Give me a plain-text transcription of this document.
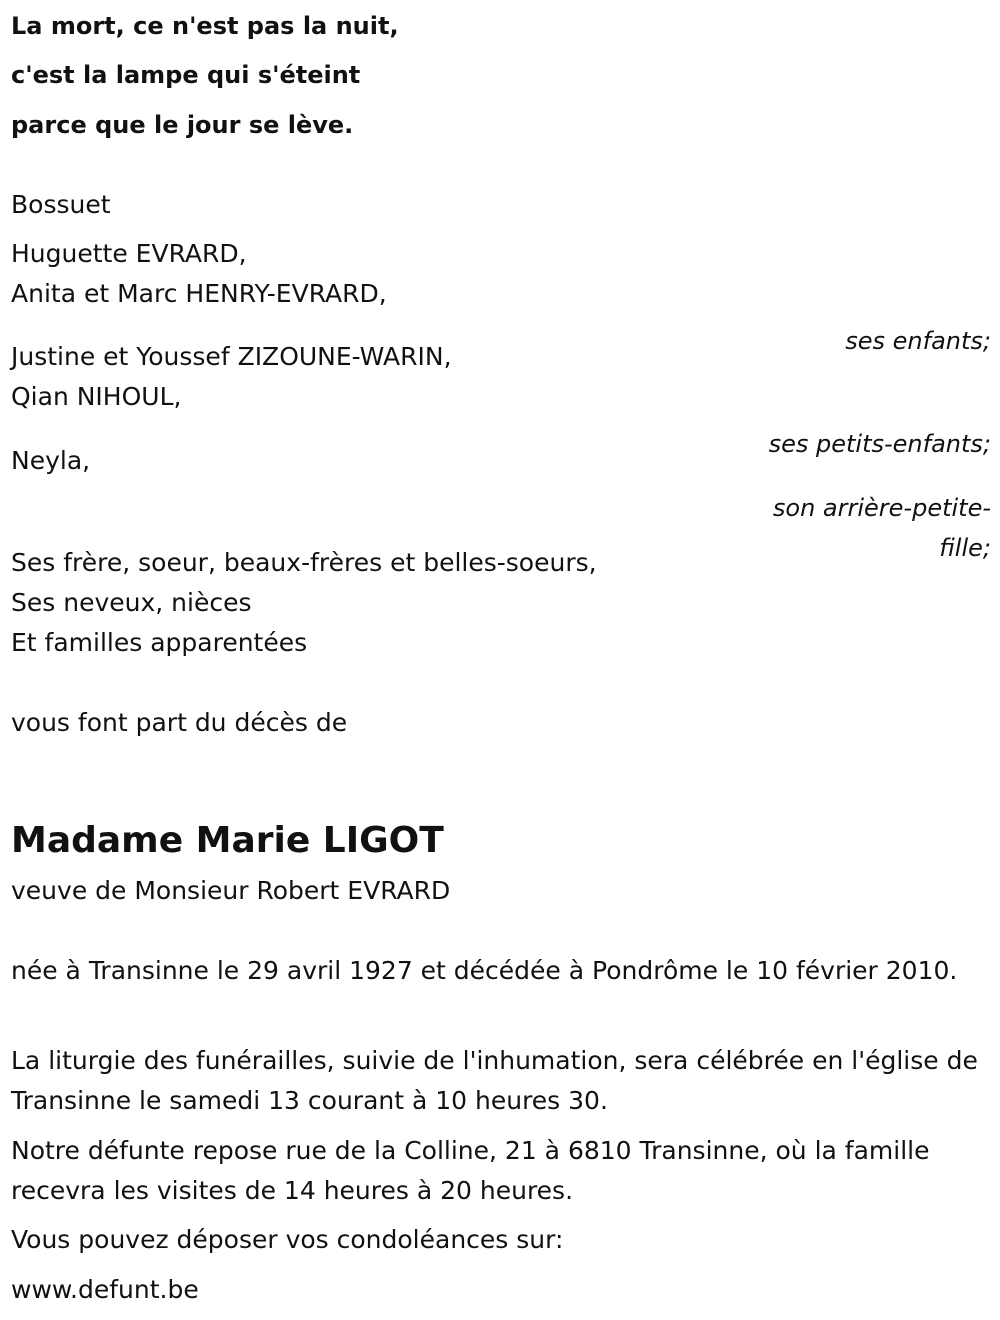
La mort, ce n'est pas la nuit,

c'est la lampe qui s'éteint

parce que le jour se lève.

Bossuet

Huguette EVRARD,

Anita et Marc HENRY-EVRARD,

ses enfants;

Justine et Youssef ZIZOUNE-WARIN,

Qian NIHOUL,

ses petits-enfants;

Neyla,

son arrière-petite-

fille;

Ses frère, soeur, beaux-frères et belles-soeurs,

Ses neveux, nièces

Et familles apparentées

vous font part du décès de

Madame Marie LIGOT

veuve de Monsieur Robert EVRARD

née à Transinne le 29 avril 1927 et décédée à Pondrôme le 10 février 2010.

La liturgie des funérailles, suivie de l'inhumation, sera célébrée en l'église de Transinne le samedi 13 courant à 10 heures 30.

Notre défunte repose rue de la Colline, 21 à 6810 Transinne, où la famille recevra les visites de 14 heures à 20 heures.

Vous pouvez déposer vos condoléances sur:

www.defunt.be
